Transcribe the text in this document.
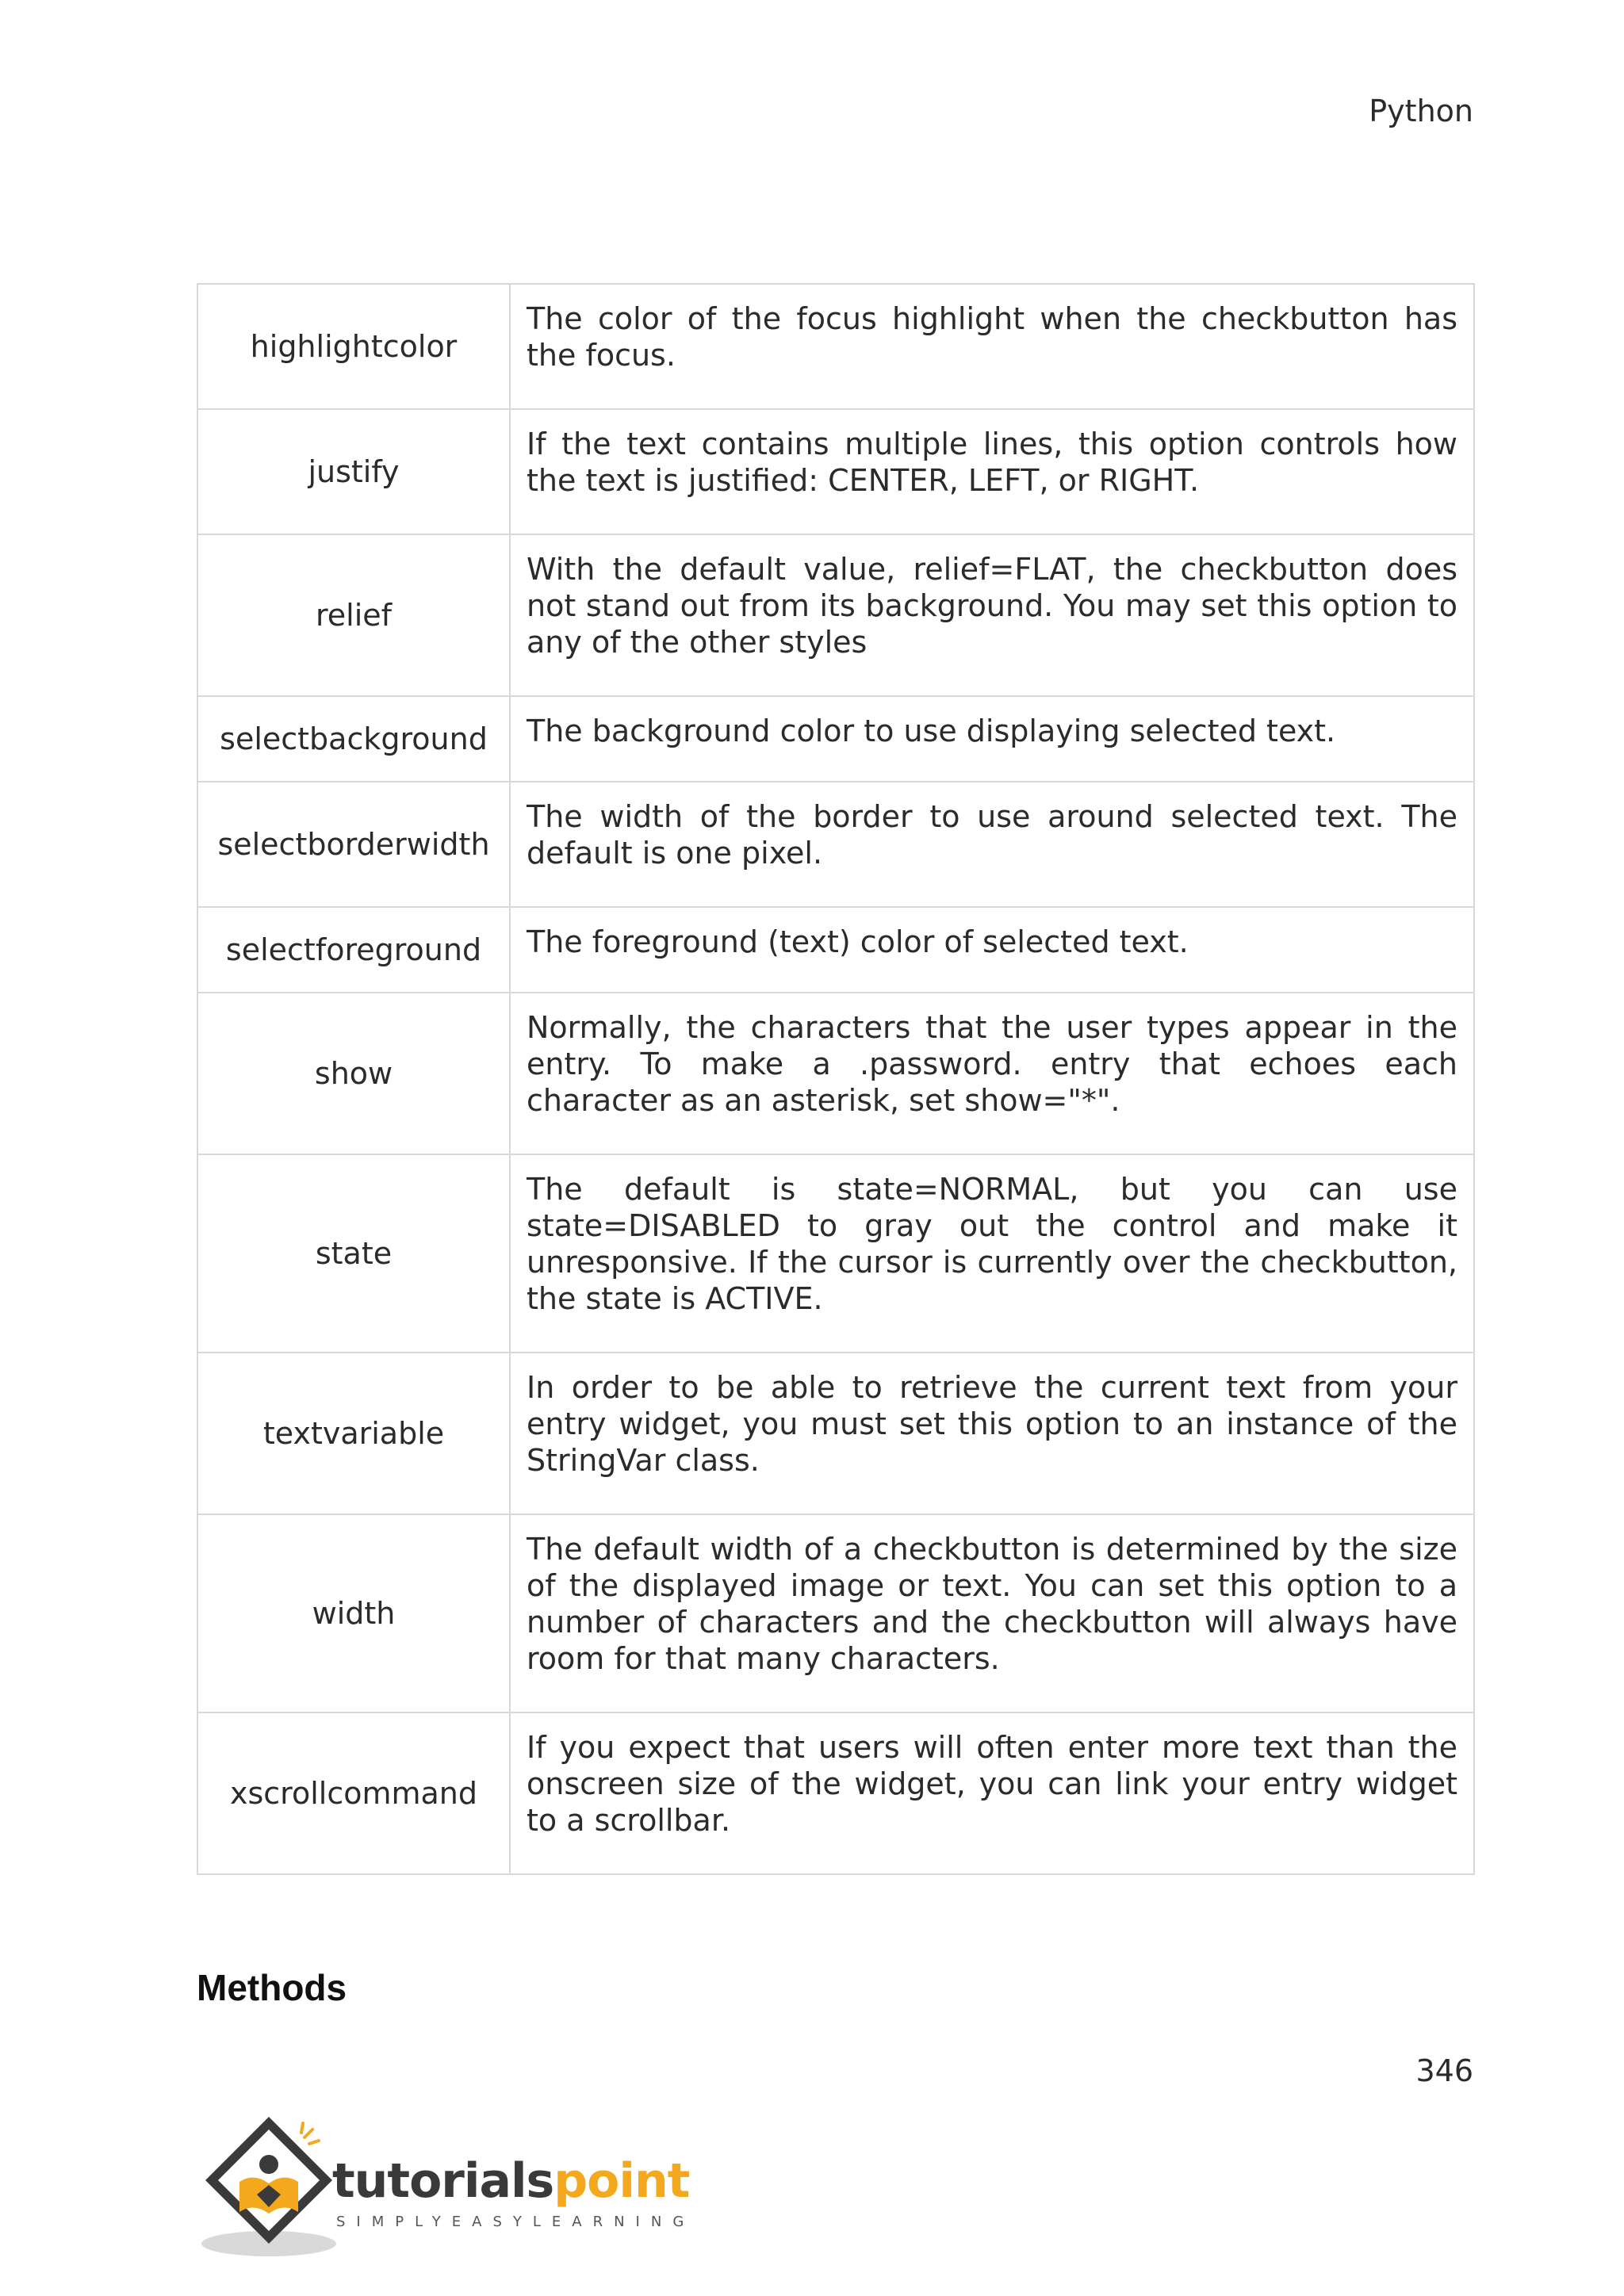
Python
highlightcolor	The color of the focus highlight when the checkbutton has the focus.
justify	If the text contains multiple lines, this option controls how the text is justified: CENTER, LEFT, or RIGHT.
relief	With the default value, relief=FLAT, the checkbutton does not stand out from its background. You may set this option to any of the other styles
selectbackground	The background color to use displaying selected text.
selectborderwidth	The width of the border to use around selected text. The default is one pixel.
selectforeground	The foreground (text) color of selected text.
show	Normally, the characters that the user types appear in the entry. To make a .password. entry that echoes each character as an asterisk, set show="*".
state	The default is state=NORMAL, but you can use state=DISABLED to gray out the control and make it unresponsive. If the cursor is currently over the checkbutton, the state is ACTIVE.
textvariable	In order to be able to retrieve the current text from your entry widget, you must set this option to an instance of the StringVar class.
width	The default width of a checkbutton is determined by the size of the displayed image or text. You can set this option to a number of characters and the checkbutton will always have room for that many characters.
xscrollcommand	If you expect that users will often enter more text than the onscreen size of the widget, you can link your entry widget to a scrollbar.
Methods
346
tutorialspoint
SIMPLYEASYLEARNING
